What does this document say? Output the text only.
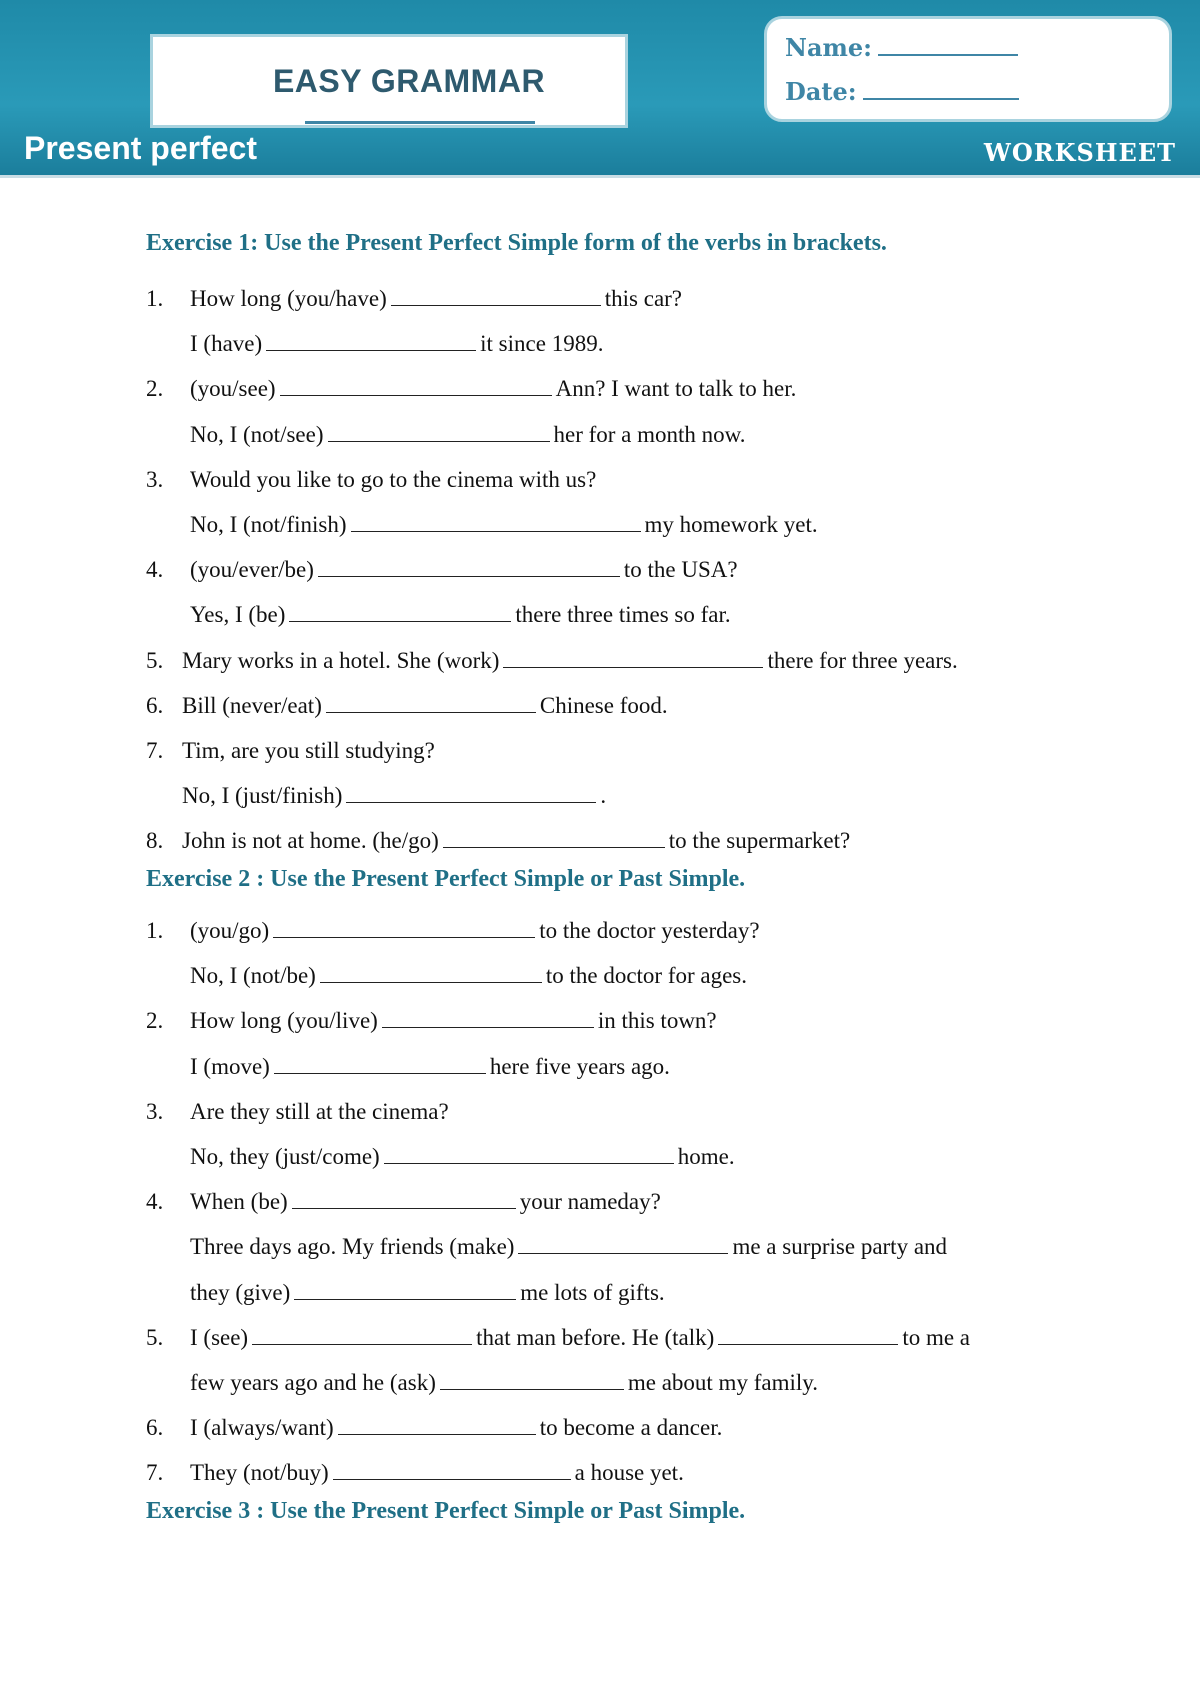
EASY GRAMMAR
Name:
Date:
Present perfect	WORKSHEET
Exercise 1: Use the Present Perfect Simple form of the verbs in brackets.
Exercise 2 : Use the Present Perfect Simple or Past Simple.
Exercise 3 : Use the Present Perfect Simple or Past Simple.
1. How long (you/have)	this car?
I (have)	it since 1989.
2. (you/see)	Ann? I want to talk to her.
No, I (not/see)	her for a month now.
3. Would you like to go to the cinema with us?
No, I (not/finish)	my homework yet.
4. (you/ever/be)	to the USA?
Yes, I (be)	there three times so far.
5. Mary works in a hotel. She (work)	there for three years.
6. Bill (never/eat)	Chinese food.
7. Tim, are you still studying?
No, I (just/finish)	.
8. John is not at home. (he/go)	to the supermarket?
1. (you/go)	to the doctor yesterday?
No, I (not/be)	to the doctor for ages.
2. How long (you/live)	in this town?
I (move)	here five years ago.
3. Are they still at the cinema?
No, they (just/come)	home.
4. When (be)	your nameday?
Three days ago. My friends (make)	me a surprise party and
they (give)	me lots of gifts.
5. I (see)	that man before. He (talk)	to me a
few years ago and he (ask)	me about my family.
6. I (always/want)	to become a dancer.
7. They (not/buy)	a house yet.
